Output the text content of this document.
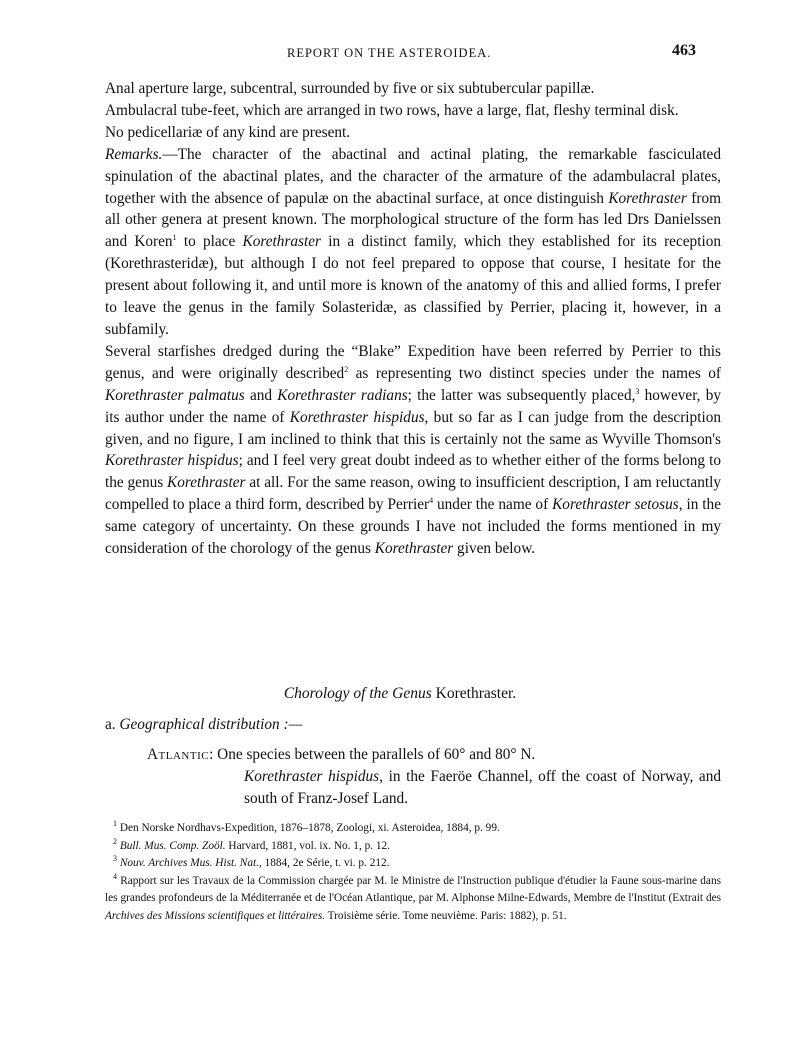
REPORT ON THE ASTEROIDEA.	463

Anal aperture large, subcentral, surrounded by five or six subtubercular papillæ.

Ambulacral tube-feet, which are arranged in two rows, have a large, flat, fleshy terminal disk.

No pedicellariæ of any kind are present.

Remarks.—The character of the abactinal and actinal plating, the remarkable fasciculated spinulation of the abactinal plates, and the character of the armature of the adambulacral plates, together with the absence of papulæ on the abactinal surface, at once distinguish Korethraster from all other genera at present known. The morphological structure of the form has led Drs Danielssen and Koren$^1$ to place Korethraster in a distinct family, which they established for its reception (Korethrasteridæ), but although I do not feel prepared to oppose that course, I hesitate for the present about following it, and until more is known of the anatomy of this and allied forms, I prefer to leave the genus in the family Solasteridæ, as classified by Perrier, placing it, however, in a subfamily.

Several starfishes dredged during the “Blake” Expedition have been referred by Perrier to this genus, and were originally described$^2$ as representing two distinct species under the names of Korethraster palmatus and Korethraster radians; the latter was subsequently placed,$^3$ however, by its author under the name of Korethraster hispidus, but so far as I can judge from the description given, and no figure, I am inclined to think that this is certainly not the same as Wyville Thomson's Korethraster hispidus; and I feel very great doubt indeed as to whether either of the forms belong to the genus Korethraster at all. For the same reason, owing to insufficient description, I am reluctantly compelled to place a third form, described by Perrier$^4$ under the name of Korethraster setosus, in the same category of uncertainty. On these grounds I have not included the forms mentioned in my consideration of the chorology of the genus Korethraster given below.

Chorology of the Genus Korethraster.
a. Geographical distribution :—
Atlantic: One species between the parallels of 60° and 80° N.
Korethraster hispidus, in the Faeröe Channel, off the coast of Norway, and south of Franz-Josef Land.

$^1$ Den Norske Nordhavs-Expedition, 1876–1878, Zoologi, xi. Asteroidea, 1884, p. 99.

$^2$ Bull. Mus. Comp. Zoöl. Harvard, 1881, vol. ix. No. 1, p. 12.

$^3$ Nouv. Archives Mus. Hist. Nat., 1884, 2e Série, t. vi. p. 212.

$^4$ Rapport sur les Travaux de la Commission chargée par M. le Ministre de l'Instruction publique d'étudier la Faune sous-marine dans les grandes profondeurs de la Méditerranée et de l'Océan Atlantique, par M. Alphonse Milne-Edwards, Membre de l'Institut (Extrait des Archives des Missions scientifiques et littéraires. Troisième série. Tome neuvième. Paris: 1882), p. 51.
